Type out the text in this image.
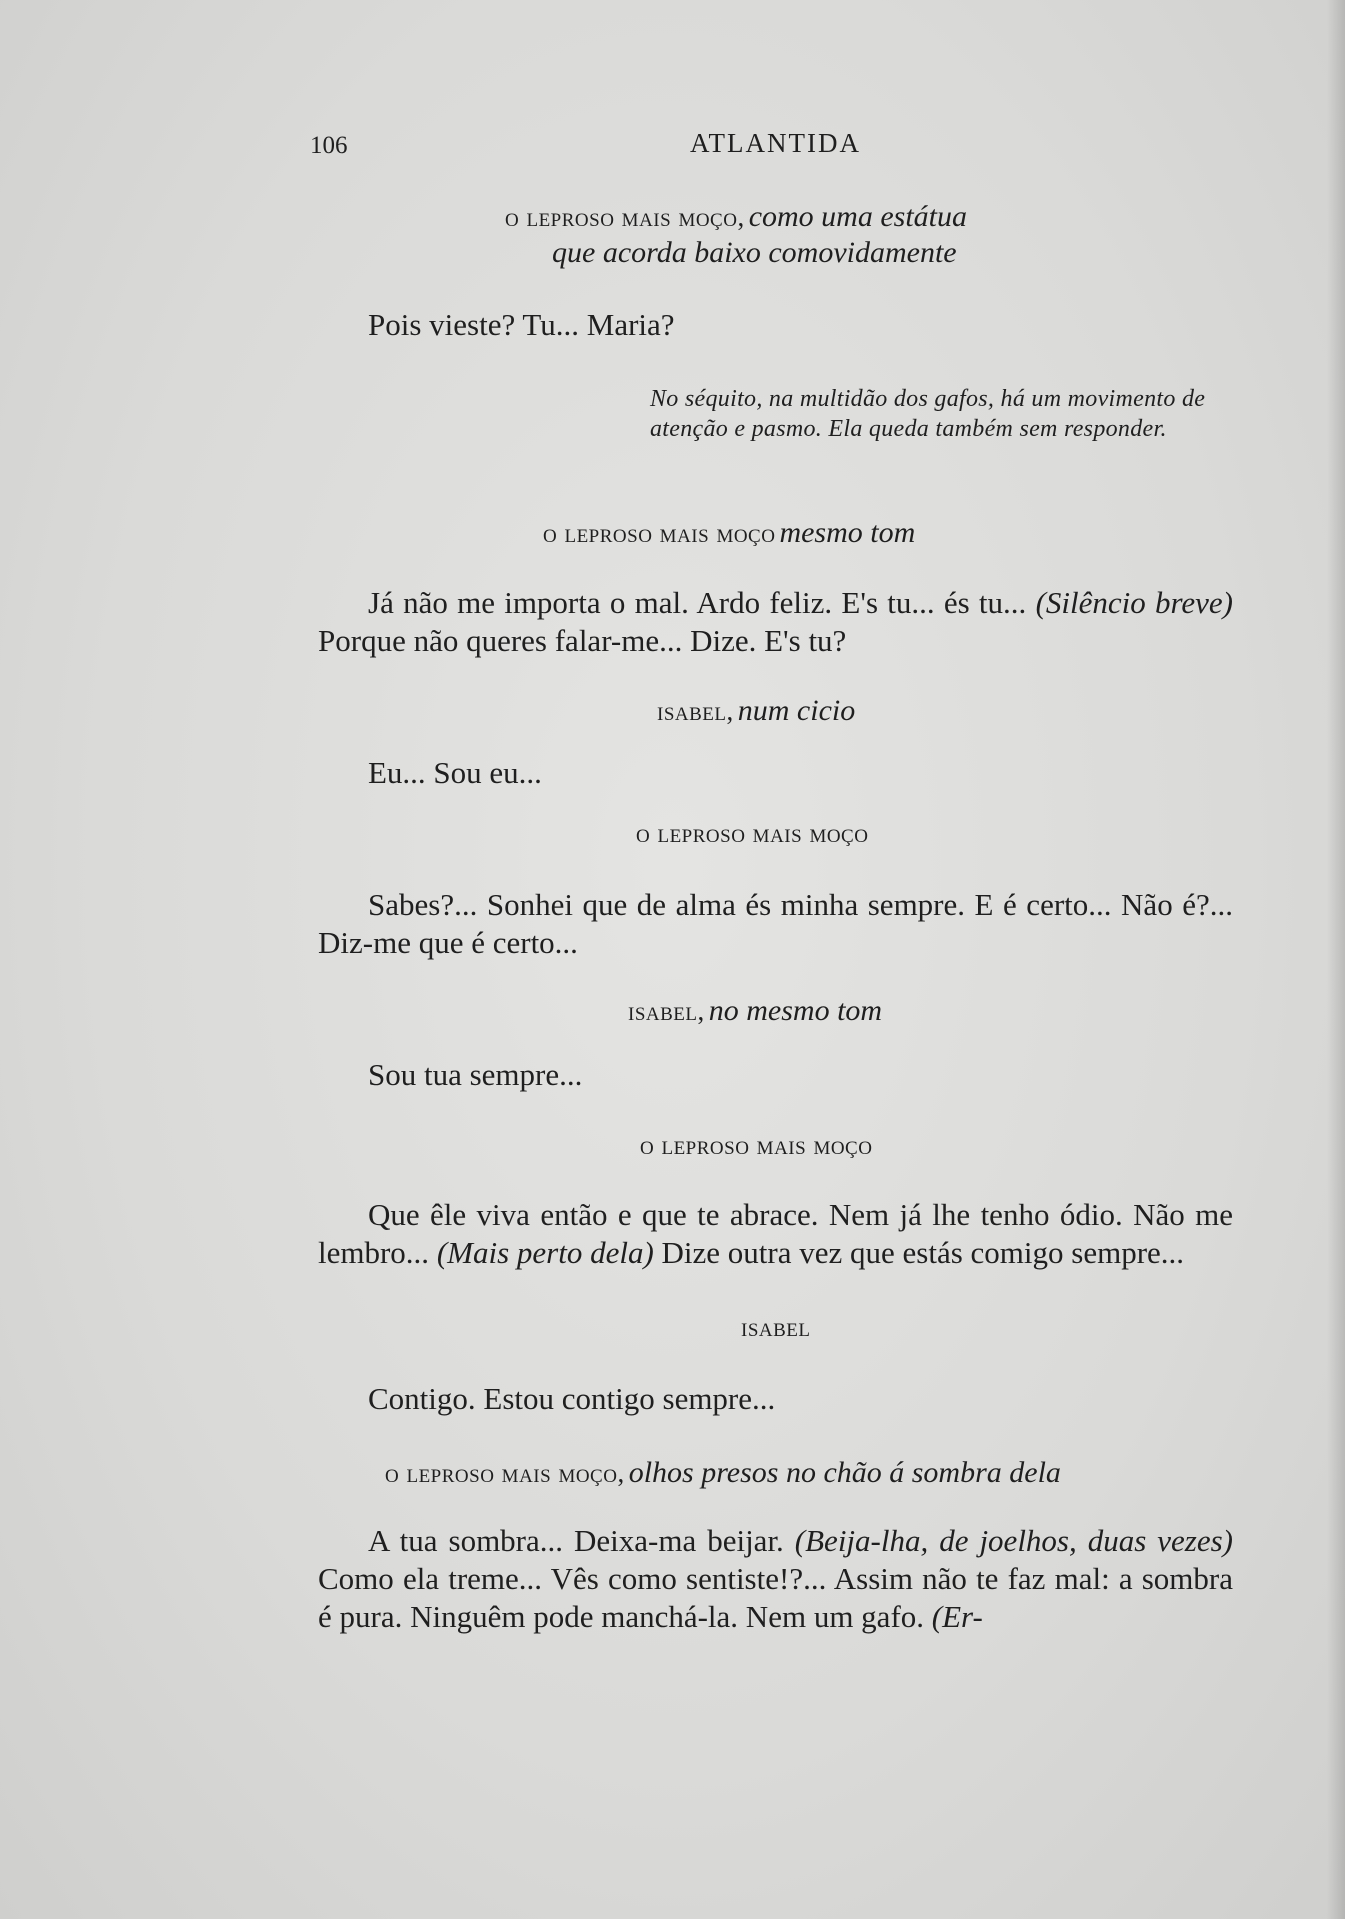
106	ATLANTIDA
o leproso mais moço, como uma estátua
que acorda baixo comovidamente
Pois vieste? Tu... Maria?
No séquito, na multidão dos gafos, há um movimento de atenção e pasmo. Ela queda também sem responder.
o leproso mais moço mesmo tom
Já não me importa o mal. Ardo feliz. E's tu... és tu... (Silêncio breve) Porque não queres falar-me... Dize. E's tu?
isabel, num cicio
Eu... Sou eu...
o leproso mais moço
Sabes?... Sonhei que de alma és minha sempre. E é certo... Não é?... Diz-me que é certo...
isabel, no mesmo tom
Sou tua sempre...
o leproso mais moço
Que êle viva então e que te abrace. Nem já lhe tenho ódio. Não me lembro... (Mais perto dela) Dize outra vez que estás comigo sempre...
isabel
Contigo. Estou contigo sempre...
o leproso mais moço, olhos presos no chão á sombra dela
A tua sombra... Deixa-ma beijar. (Beija-lha, de joelhos, duas vezes) Como ela treme... Vês como sentiste!?... Assim não te faz mal: a sombra é pura. Ninguêm pode manchá-la. Nem um gafo. (Er-
